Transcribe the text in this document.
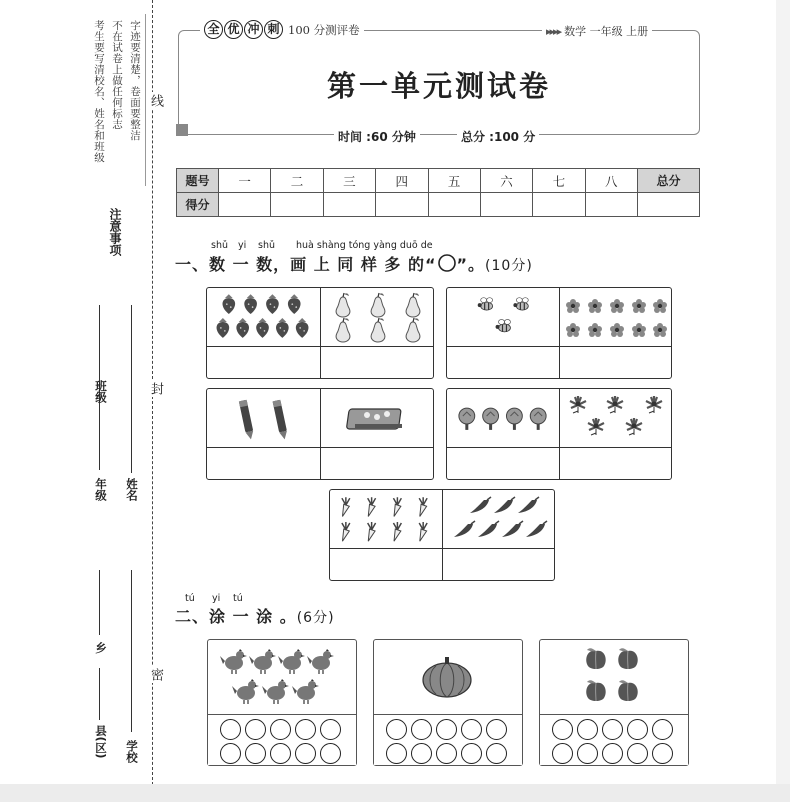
考生要写清校名、姓名和班级 不在试卷上做任何标志 字迹要清楚，卷面要整洁
注意事项
年级
班级
姓名
县(区)
乡
学校
线
封
密
全 优 冲 刺 100 分测评卷	▸▸▸▸ 数学 一年级 上册
第一单元测试卷
时间 :60 分钟	总分 :100 分
题号	一	二	三	四	五	六	七	八	总分
得分									
shǔ yi shǔ huà shàng tóng yàng duō de
一、数 一 数，画 上 同 样 多 的“ ”。(10分)
tú yi tú
二、涂 一 涂 。(6分)
